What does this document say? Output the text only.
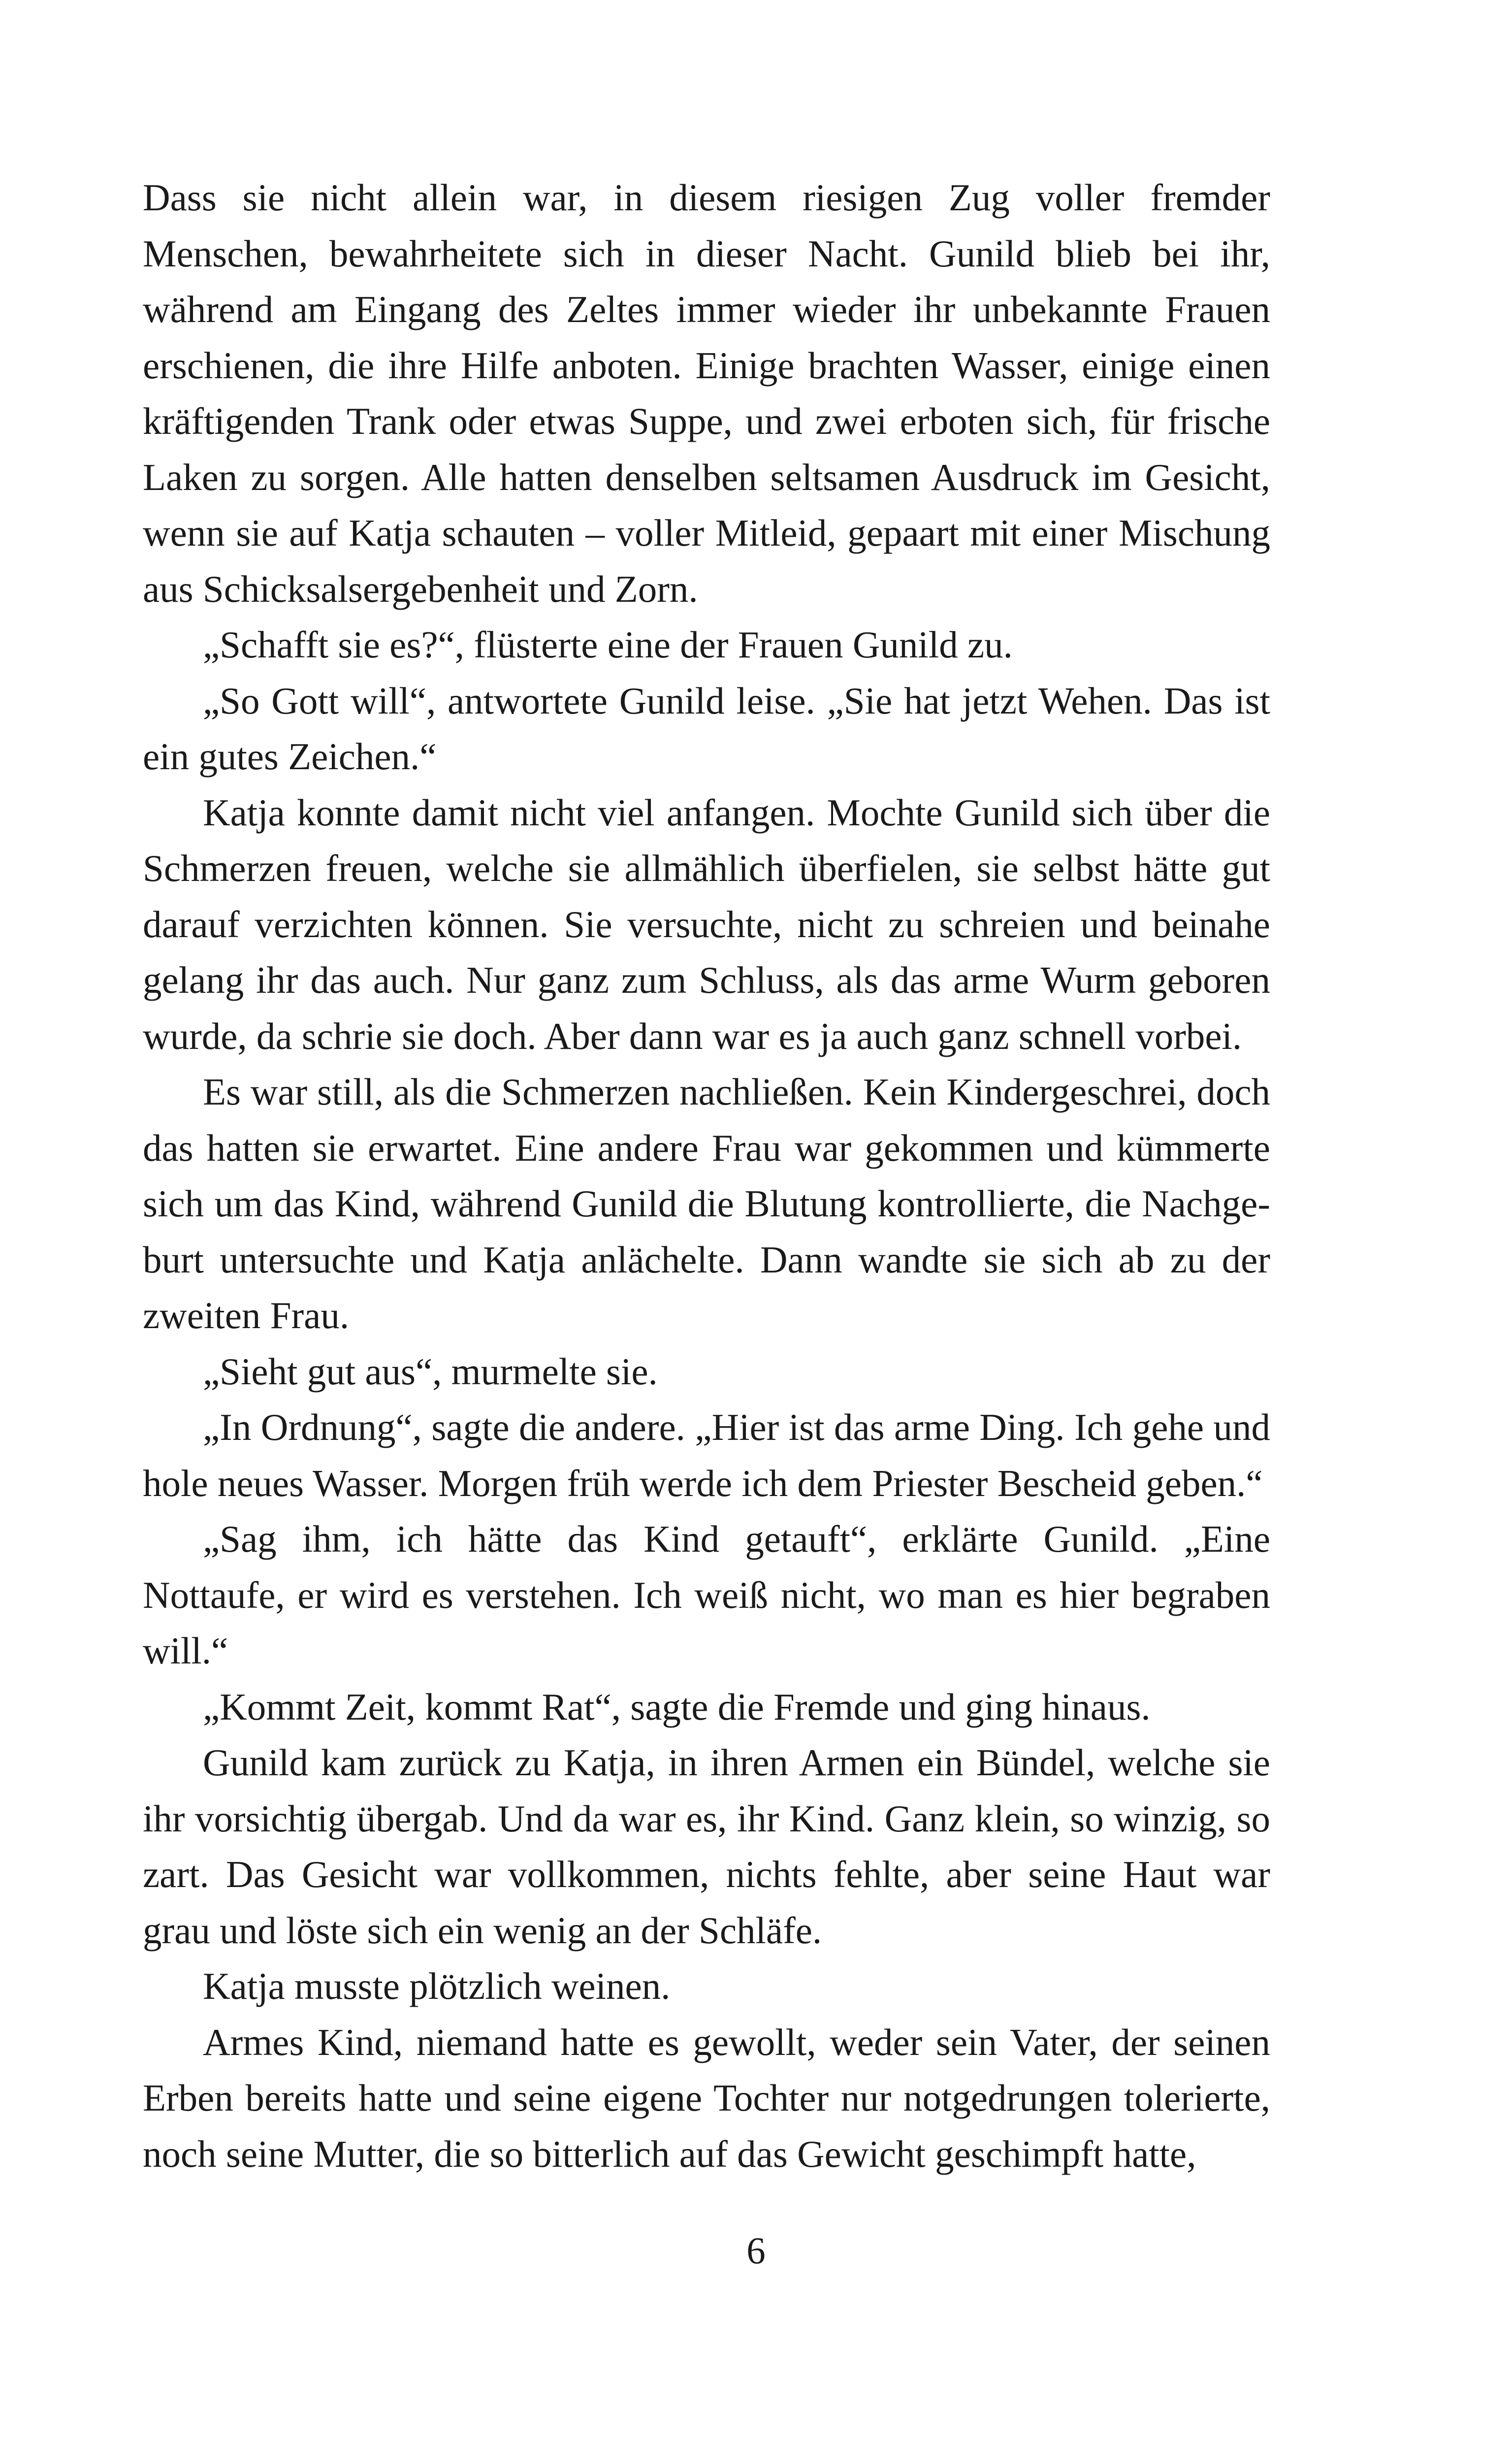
Dass sie nicht allein war, in diesem riesigen Zug voller fremder Menschen, bewahrheitete sich in dieser Nacht. Gunild blieb bei ihr, während am Eingang des Zeltes immer wieder ihr unbekannte Frauen erschienen, die ihre Hilfe anboten. Einige brachten Wasser, einige einen kräftigenden Trank oder etwas Suppe, und zwei erboten sich, für frische Laken zu sorgen. Alle hatten denselben seltsamen Ausdruck im Gesicht, wenn sie auf Katja schauten – voller Mitleid, gepaart mit einer Mischung aus Schicksalsergebenheit und Zorn.

„Schafft sie es?“, flüsterte eine der Frauen Gunild zu.

„So Gott will“, antwortete Gunild leise. „Sie hat jetzt Wehen. Das ist ein gutes Zeichen.“

Katja konnte damit nicht viel anfangen. Mochte Gunild sich über die Schmerzen freuen, welche sie allmählich überfielen, sie selbst hätte gut darauf verzichten können. Sie versuchte, nicht zu schreien und beinahe gelang ihr das auch. Nur ganz zum Schluss, als das arme Wurm geboren wurde, da schrie sie doch. Aber dann war es ja auch ganz schnell vorbei.

Es war still, als die Schmerzen nachließen. Kein Kindergeschrei, doch das hatten sie erwartet. Eine andere Frau war gekommen und kümmerte sich um das Kind, während Gunild die Blutung kontrollierte, die Nachgeburt untersuchte und Katja anlächelte. Dann wandte sie sich ab zu der zweiten Frau.

„Sieht gut aus“, murmelte sie.

„In Ordnung“, sagte die andere. „Hier ist das arme Ding. Ich gehe und hole neues Wasser. Morgen früh werde ich dem Priester Bescheid geben.“

„Sag ihm, ich hätte das Kind getauft“, erklärte Gunild. „Eine Nottaufe, er wird es verstehen. Ich weiß nicht, wo man es hier begraben will.“

„Kommt Zeit, kommt Rat“, sagte die Fremde und ging hinaus.

Gunild kam zurück zu Katja, in ihren Armen ein Bündel, welche sie ihr vorsichtig übergab. Und da war es, ihr Kind. Ganz klein, so winzig, so zart. Das Gesicht war vollkommen, nichts fehlte, aber seine Haut war grau und löste sich ein wenig an der Schläfe.

Katja musste plötzlich weinen.

Armes Kind, niemand hatte es gewollt, weder sein Vater, der seinen Erben bereits hatte und seine eigene Tochter nur notgedrungen tolerierte, noch seine Mutter, die so bitterlich auf das Gewicht geschimpft hatte,

6
